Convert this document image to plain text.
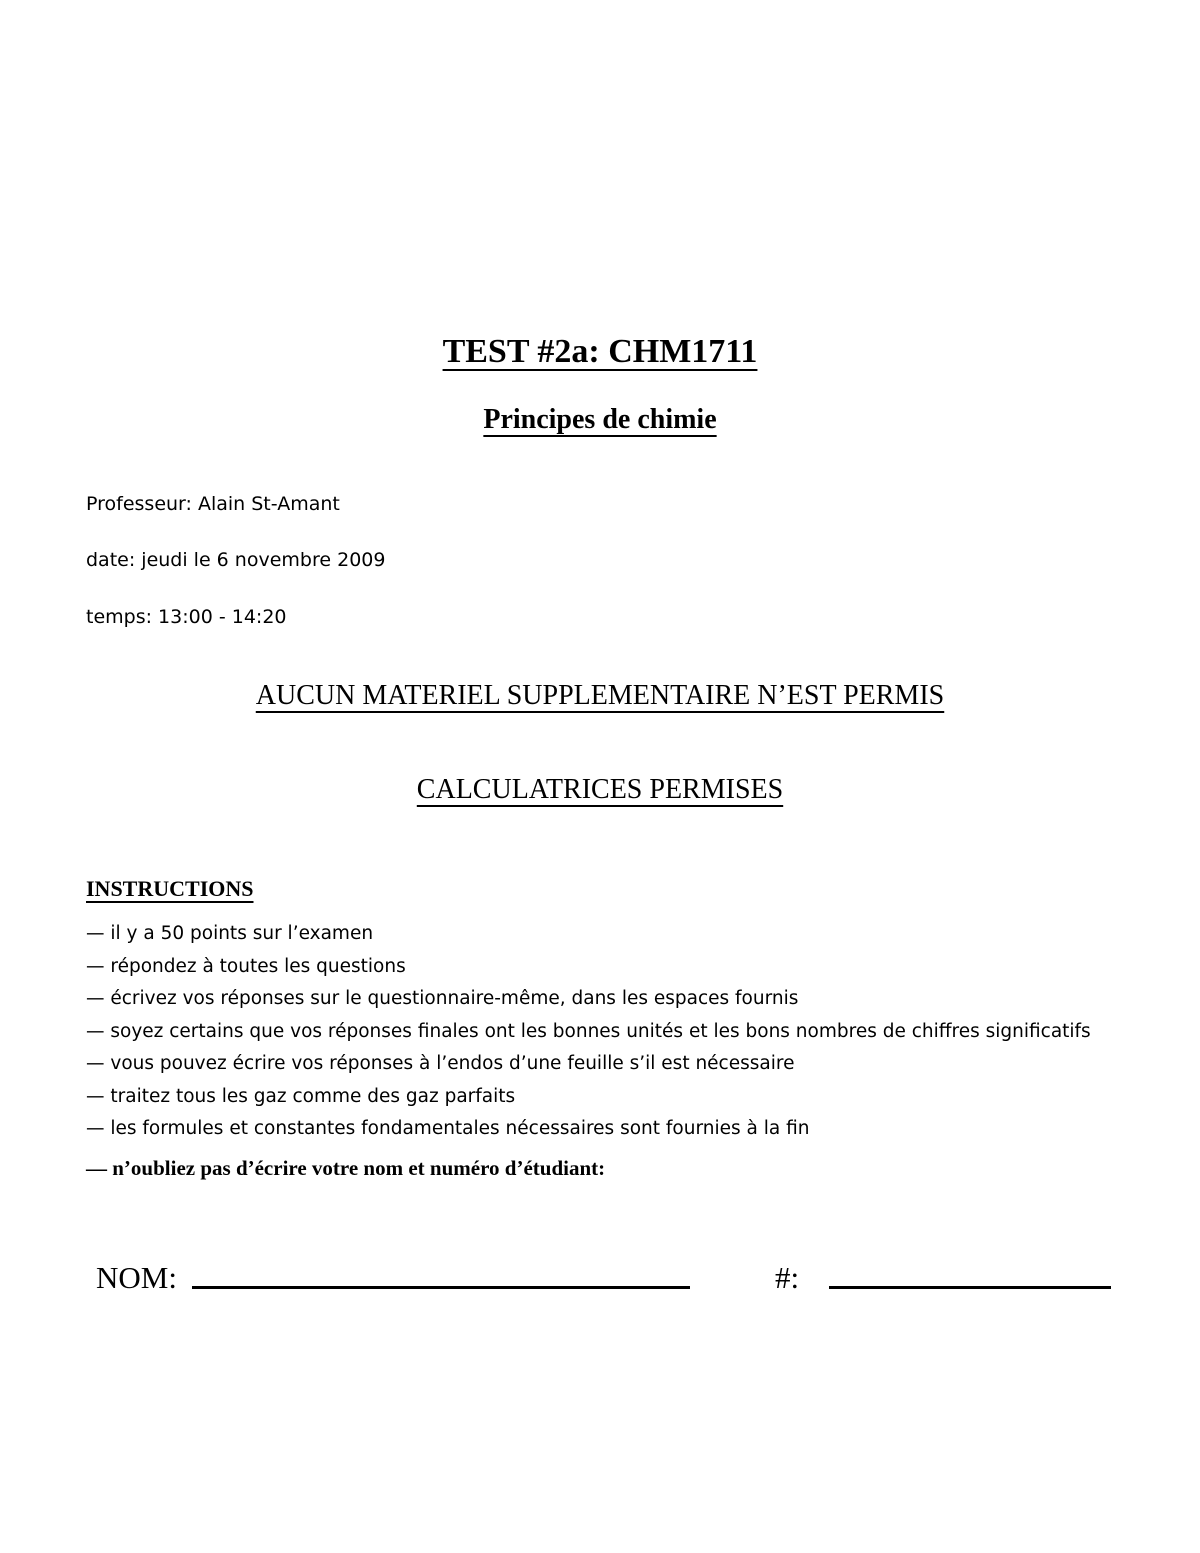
TEST #2a: CHM1711
Principes de chimie
Professeur: Alain St-Amant
date: jeudi le 6 novembre 2009
temps: 13:00 - 14:20
AUCUN MATERIEL SUPPLEMENTAIRE N’EST PERMIS
CALCULATRICES PERMISES
INSTRUCTIONS
— il y a 50 points sur l’examen
— répondez à toutes les questions
— écrivez vos réponses sur le questionnaire-même, dans les espaces fournis
— soyez certains que vos réponses finales ont les bonnes unités et les bons nombres de chiffres significatifs
— vous pouvez écrire vos réponses à l’endos d’une feuille s’il est nécessaire
— traitez tous les gaz comme des gaz parfaits
— les formules et constantes fondamentales nécessaires sont fournies à la fin
— n’oubliez pas d’écrire votre nom et numéro d’étudiant:
NOM:	#:
